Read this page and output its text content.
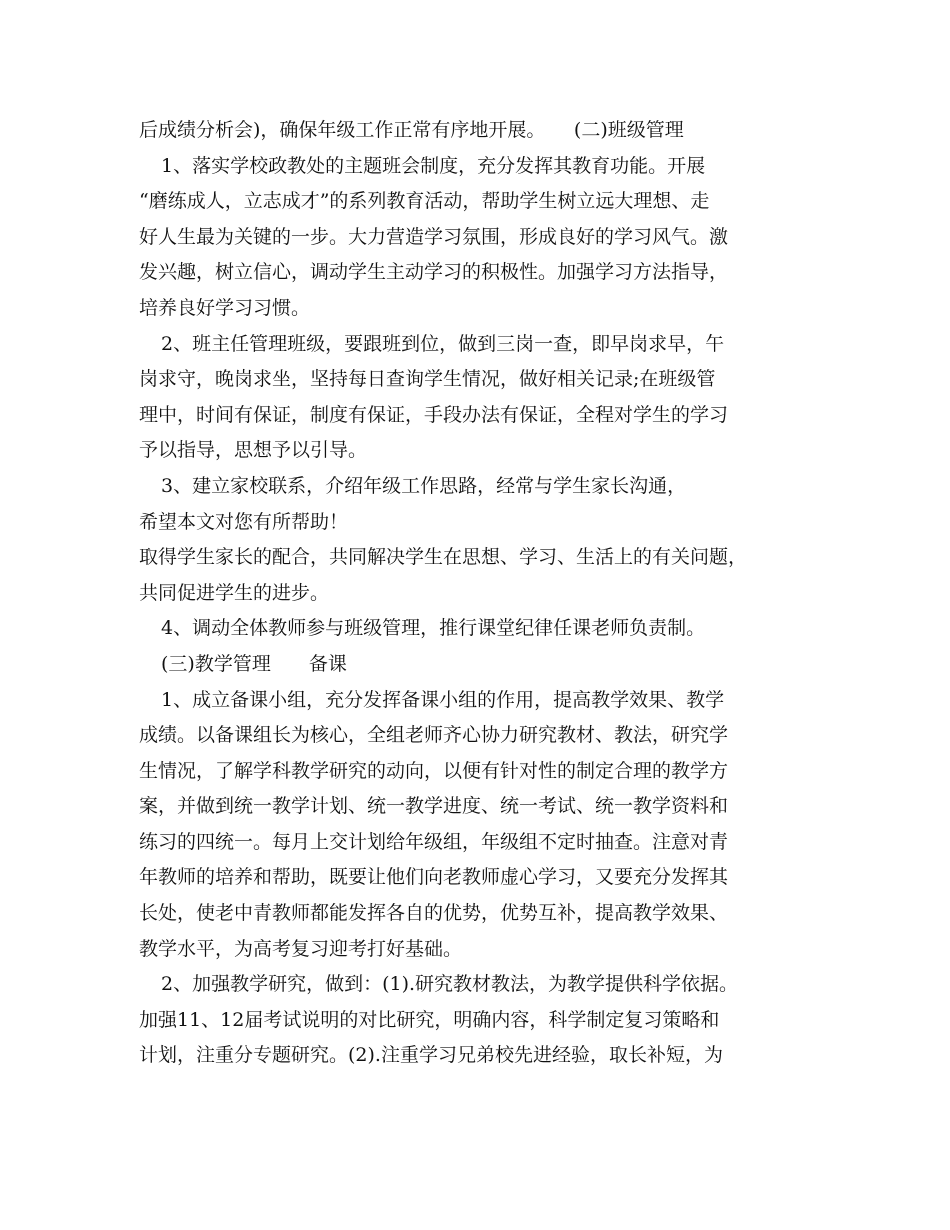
后成绩分析会)，确保年级工作正常有序地开展。　　(二)班级管理
1、落实学校政教处的主题班会制度，充分发挥其教育功能。开展
“磨练成人，立志成才”的系列教育活动，帮助学生树立远大理想、走
好人生最为关键的一步。大力营造学习氛围，形成良好的学习风气。激
发兴趣，树立信心，调动学生主动学习的积极性。加强学习方法指导，
培养良好学习习惯。
2、班主任管理班级，要跟班到位，做到三岗一查，即早岗求早，午
岗求守，晚岗求坐，坚持每日查询学生情况，做好相关记录;在班级管
理中，时间有保证，制度有保证，手段办法有保证，全程对学生的学习
予以指导，思想予以引导。
3、建立家校联系，介绍年级工作思路，经常与学生家长沟通，
希望本文对您有所帮助！
取得学生家长的配合，共同解决学生在思想、学习、生活上的有关问题，
共同促进学生的进步。
4、调动全体教师参与班级管理，推行课堂纪律任课老师负责制。
(三)教学管理　　备课
1、成立备课小组，充分发挥备课小组的作用，提高教学效果、教学
成绩。以备课组长为核心，全组老师齐心协力研究教材、教法，研究学
生情况，了解学科教学研究的动向，以便有针对性的制定合理的教学方
案，并做到统一教学计划、统一教学进度、统一考试、统一教学资料和
练习的四统一。每月上交计划给年级组，年级组不定时抽查。注意对青
年教师的培养和帮助，既要让他们向老教师虚心学习，又要充分发挥其
长处，使老中青教师都能发挥各自的优势，优势互补，提高教学效果、
教学水平，为高考复习迎考打好基础。
2、加强教学研究，做到：(1).研究教材教法，为教学提供科学依据。
加强11、12届考试说明的对比研究，明确内容，科学制定复习策略和
计划，注重分专题研究。(2).注重学习兄弟校先进经验，取长补短，为
